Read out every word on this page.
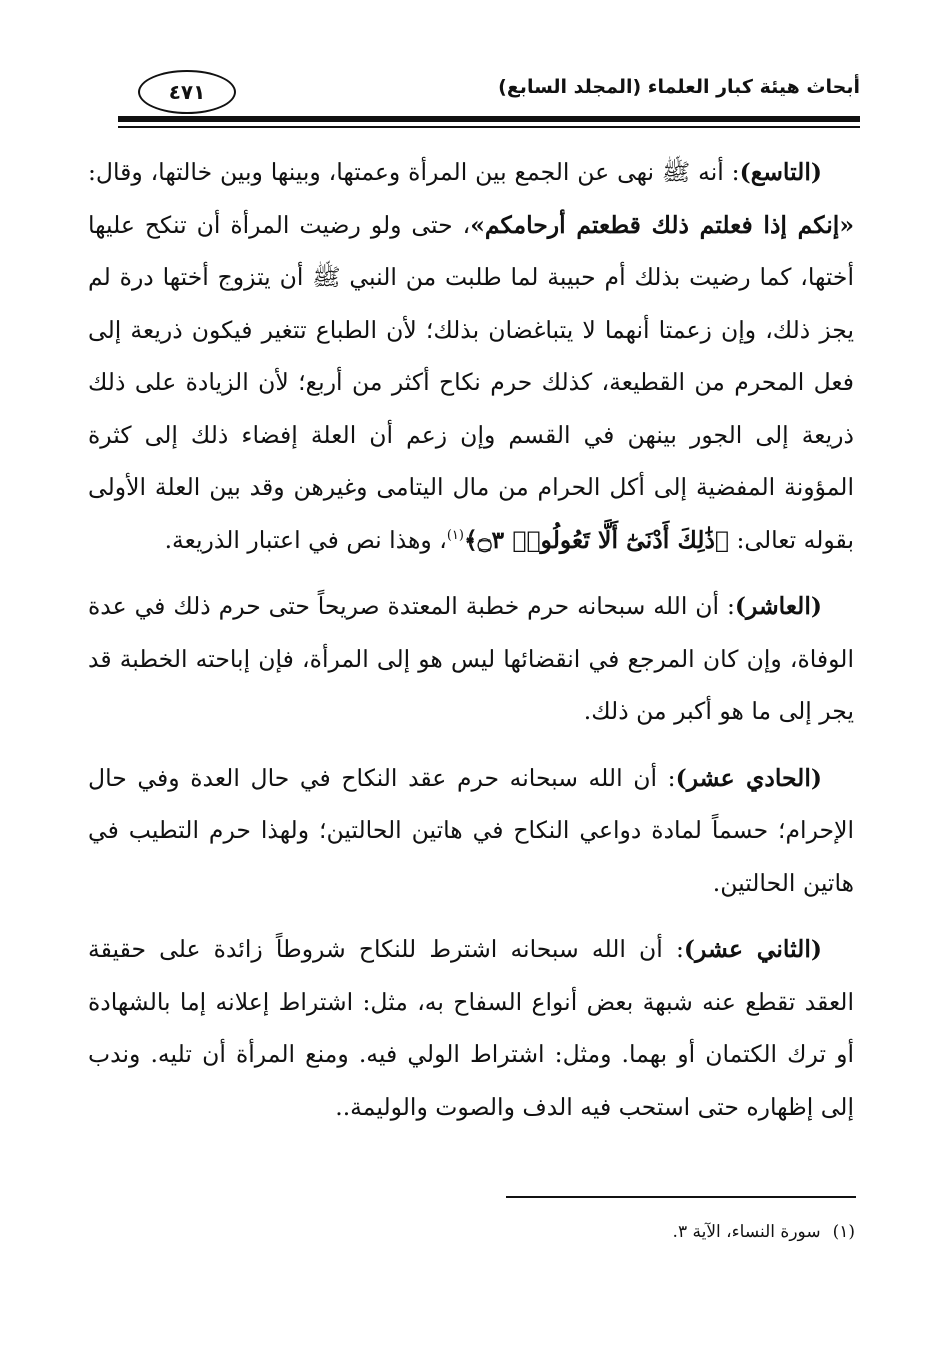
٤٧١	أبحاث هيئة كبار العلماء (المجلد السابع)

(التاسع): أنه ﷺ نهى عن الجمع بين المرأة وعمتها، وبينها وبين خالتها، وقال: «إنكم إذا فعلتم ذلك قطعتم أرحامكم»، حتى ولو رضيت المرأة أن تنكح عليها أختها، كما رضيت بذلك أم حبيبة لما طلبت من النبي ﷺ أن يتزوج أختها درة لم يجز ذلك، وإن زعمتا أنهما لا يتباغضان بذلك؛ لأن الطباع تتغير فيكون ذريعة إلى فعل المحرم من القطيعة، كذلك حرم نكاح أكثر من أربع؛ لأن الزيادة على ذلك ذريعة إلى الجور بينهن في القسم وإن زعم أن العلة إفضاء ذلك إلى كثرة المؤونة المفضية إلى أكل الحرام من مال اليتامى وغيرهن وقد بين العلة الأولى بقوله تعالى: ﴿ذَٰلِكَ أَدْنَىٰٓ أَلَّا تَعُولُوا۟ ۝٣﴾$^{(١)}$، وهذا نص في اعتبار الذريعة.

(العاشر): أن الله سبحانه حرم خطبة المعتدة صريحاً حتى حرم ذلك في عدة الوفاة، وإن كان المرجع في انقضائها ليس هو إلى المرأة، فإن إباحته الخطبة قد يجر إلى ما هو أكبر من ذلك.

(الحادي عشر): أن الله سبحانه حرم عقد النكاح في حال العدة وفي حال الإحرام؛ حسماً لمادة دواعي النكاح في هاتين الحالتين؛ ولهذا حرم التطيب في هاتين الحالتين.

(الثاني عشر): أن الله سبحانه اشترط للنكاح شروطاً زائدة على حقيقة العقد تقطع عنه شبهة بعض أنواع السفاح به، مثل: اشتراط إعلانه إما بالشهادة أو ترك الكتمان أو بهما. ومثل: اشتراط الولي فيه. ومنع المرأة أن تليه. وندب إلى إظهاره حتى استحب فيه الدف والصوت والوليمة..

(١)سورة النساء، الآية ٣.
